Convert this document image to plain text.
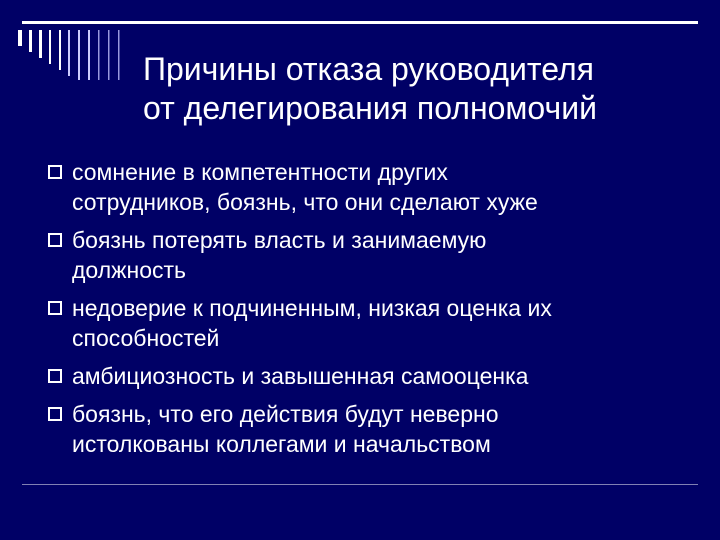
Причины отказа руководителя
от делегирования полномочий
сомнение в компетентности других
сотрудников, боязнь, что они сделают хуже
боязнь потерять власть и занимаемую
должность
недоверие к подчиненным, низкая оценка их
способностей
амбициозность и завышенная самооценка
боязнь, что его действия будут неверно
истолкованы коллегами и начальством
